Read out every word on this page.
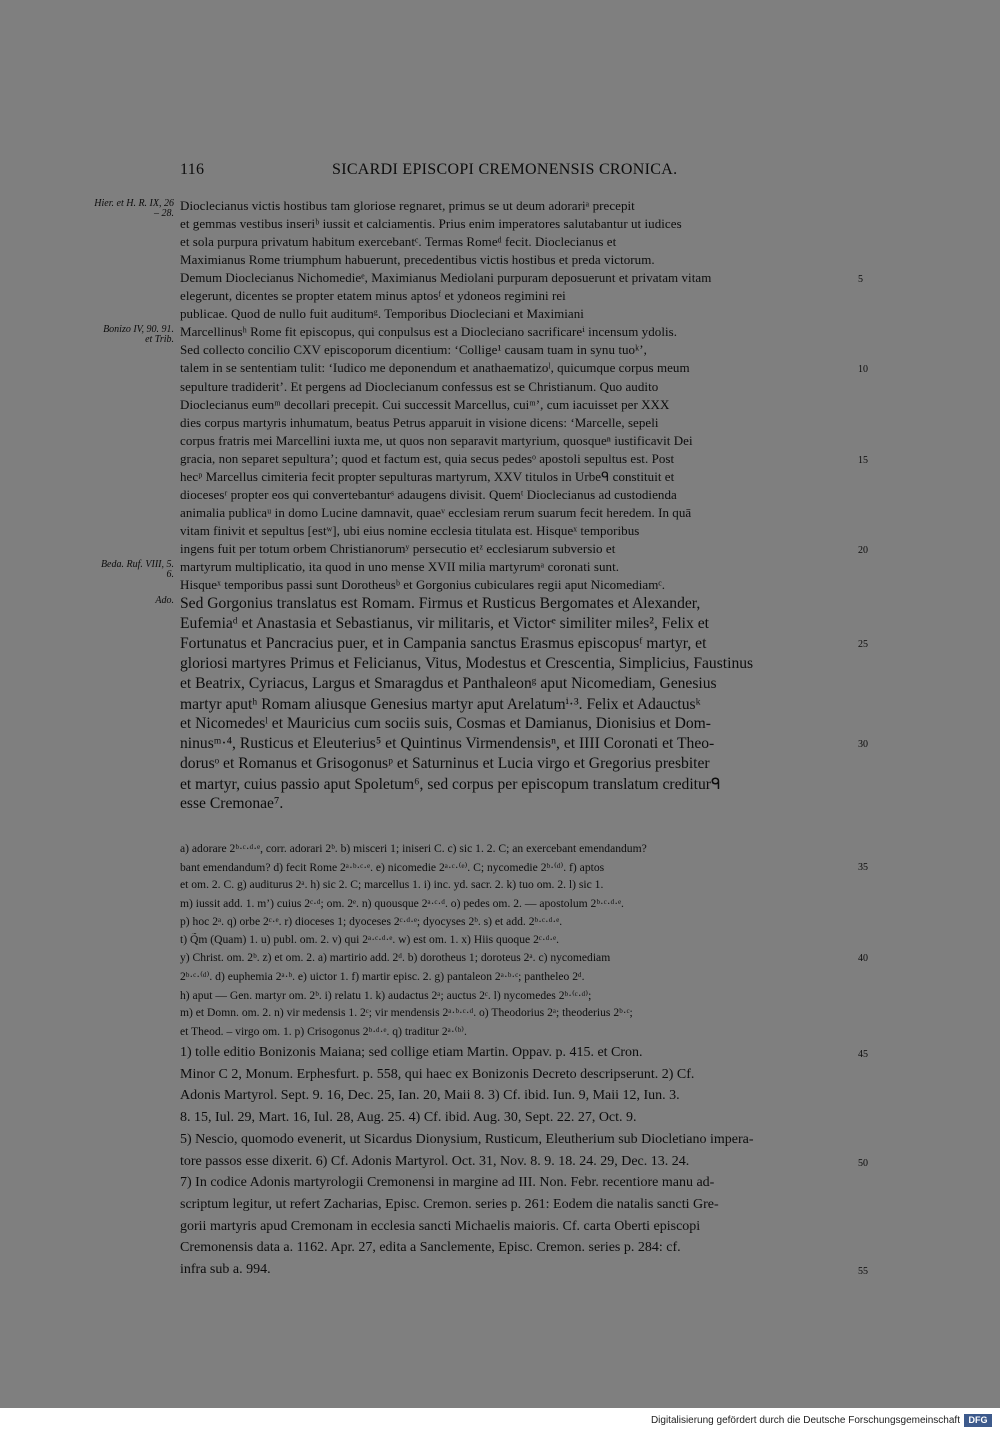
116	SICARDI EPISCOPI CREMONENSIS CRONICA.
Dioclecianus victis hostibus tam gloriose regnaret, primus se ut deum adorariᵃ precepit
et gemmas vestibus inseriᵇ iussit et calciamentis. Prius enim imperatores salutabantur ut iudices
et sola purpura privatum habitum exercebantᶜ. Termas Romeᵈ fecit. Dioclecianus et
Maximianus Rome triumphum habuerunt, precedentibus victis hostibus et preda victorum.
Demum Dioclecianus Nichomedieᵉ, Maximianus Mediolani purpuram deposuerunt et privatam vitam
elegerunt, dicentes se propter etatem minus aptosᶠ et ydoneos regimini rei
publicae. Quod de nullo fuit auditumᵍ. Temporibus Diocleciani et Maximiani
Marcellinusʰ Rome fit episcopus, qui conpulsus est a Diocleciano sacrificareⁱ incensum ydolis.
Sed collecto concilio CXV episcoporum dicentium: ‘Collige¹ causam tuam in synu tuoᵏ’,
talem in se sententiam tulit: ‘Iudico me deponendum et anathaematizoˡ, quicumque corpus meum
sepulture tradiderit’. Et pergens ad Dioclecianum confessus est se Christianum. Quo audito
Dioclecianus eumᵐ decollari precepit. Cui successit Marcellus, cuiᵐ’, cum iacuisset per XXX
dies corpus martyris inhumatum, beatus Petrus apparuit in visione dicens: ‘Marcelle, sepeli
corpus fratris mei Marcellini iuxta me, ut quos non separavit martyrium, quosqueⁿ iustificavit Dei
gracia, non separet sepultura’; quod et factum est, quia secus pedesᵒ apostoli sepultus est. Post
hecᵖ Marcellus cimiteria fecit propter sepulturas martyrum, XXV titulos in Urbeᑫ constituit et
diocesesʳ propter eos qui convertebanturˢ adaugens divisit. Quemᵗ Dioclecianus ad custodienda
animalia publicaᵘ in domo Lucine damnavit, quaeᵛ ecclesiam rerum suarum fecit heredem. In quā
vitam finivit et sepultus [estʷ], ubi eius nomine ecclesia titulata est. Hisqueˣ temporibus
ingens fuit per totum orbem Christianorumʸ persecutio etᶻ ecclesiarum subversio et
martyrum multiplicatio, ita quod in uno mense XVII milia martyrumᵃ coronati sunt.
Hisqueˣ temporibus passi sunt Dorotheusᵇ et Gorgonius cubiculares regii aput Nicomediamᶜ.
Sed Gorgonius translatus est Romam. Firmus et Rusticus Bergomates et Alexander,
Eufemiaᵈ et Anastasia et Sebastianus, vir militaris, et Victorᵉ similiter miles², Felix et
Fortunatus et Pancracius puer, et in Campania sanctus Erasmus episcopusᶠ martyr, et
gloriosi martyres Primus et Felicianus, Vitus, Modestus et Crescentia, Simplicius, Faustinus
et Beatrix, Cyriacus, Largus et Smaragdus et Panthaleonᵍ aput Nicomediam, Genesius
martyr aputʰ Romam aliusque Genesius martyr aput Arelatumⁱ·³. Felix et Adauctusᵏ
et Nicomedesˡ et Mauricius cum sociis suis, Cosmas et Damianus, Dionisius et Dom-
ninusᵐ·⁴, Rusticus et Eleuterius⁵ et Quintinus Virmendensisⁿ, et IIII Coronati et Theo-
dorusᵒ et Romanus et Grisogonusᵖ et Saturninus et Lucia virgo et Gregorius presbiter
et martyr, cuius passio aput Spoletum⁶, sed corpus per episcopum translatum crediturᑫ
esse Cremonae⁷.
a) adorare 2ᵇ·ᶜ·ᵈ·ᵉ, corr. adorari 2ᵇ. b) misceri 1; iniseri C. c) sic 1. 2. C; an exercebant emendandum?
bant emendandum? d) fecit Rome 2ᵃ·ᵇ·ᶜ·ᵉ. e) nicomedie 2ᵃ·ᶜ·⁽ᵉ⁾. C; nycomedie 2ᵇ·⁽ᵈ⁾. f) aptos
et om. 2. C. g) auditurus 2ᵃ. h) sic 2. C; marcellus 1. i) inc. yd. sacr. 2. k) tuo om. 2. l) sic 1.
m) iussit add. 1. m’) cuius 2ᶜ·ᵈ; om. 2ᵉ. n) quousque 2ᵃ·ᶜ·ᵈ. o) pedes om. 2. — apostolum 2ᵇ·ᶜ·ᵈ·ᵉ.
p) hoc 2ᵃ. q) orbe 2ᶜ·ᵉ. r) dioceses 1; dyoceses 2ᶜ·ᵈ·ᵉ; dyocyses 2ᵇ. s) et add. 2ᵇ·ᶜ·ᵈ·ᵉ.
t) Q̃m (Quam) 1. u) publ. om. 2. v) qui 2ᵃ·ᶜ·ᵈ·ᵉ. w) est om. 1. x) Hiis quoque 2ᶜ·ᵈ·ᵉ.
y) Christ. om. 2ᵇ. z) et om. 2. a) martirio add. 2ᵈ. b) dorotheus 1; doroteus 2ᵃ. c) nycomediam
2ᵇ·ᶜ·⁽ᵈ⁾. d) euphemia 2ᵃ·ᵇ. e) uictor 1. f) martir episc. 2. g) pantaleon 2ᵃ·ᵇ·ᶜ; pantheleo 2ᵈ.
h) aput — Gen. martyr om. 2ᵇ. i) relatu 1. k) audactus 2ᵃ; auctus 2ᶜ. l) nycomedes 2ᵇ·⁽ᶜ·ᵈ⁾;
m) et Domn. om. 2. n) vir medensis 1. 2ᶜ; vir mendensis 2ᵃ·ᵇ·ᶜ·ᵈ. o) Theodorius 2ᵃ; theoderius 2ᵇ·ᶜ;
et Theod. – virgo om. 1. p) Crisogonus 2ᵇ·ᵈ·ᵉ. q) traditur 2ᵃ·⁽ᵇ⁾.
1) tolle editio Bonizonis Maiana; sed collige etiam Martin. Oppav. p. 415. et Cron.
Minor C 2, Monum. Erphesfurt. p. 558, qui haec ex Bonizonis Decreto descripserunt. 2) Cf.
Adonis Martyrol. Sept. 9. 16, Dec. 25, Ian. 20, Maii 8. 3) Cf. ibid. Iun. 9, Maii 12, Iun. 3.
8. 15, Iul. 29, Mart. 16, Iul. 28, Aug. 25. 4) Cf. ibid. Aug. 30, Sept. 22. 27, Oct. 9.
5) Nescio, quomodo evenerit, ut Sicardus Dionysium, Rusticum, Eleutherium sub Diocletiano impera-
tore passos esse dixerit. 6) Cf. Adonis Martyrol. Oct. 31, Nov. 8. 9. 18. 24. 29, Dec. 13. 24.
7) In codice Adonis martyrologii Cremonensi in margine ad III. Non. Febr. recentiore manu ad-
scriptum legitur, ut refert Zacharias, Episc. Cremon. series p. 261: Eodem die natalis sancti Gre-
gorii martyris apud Cremonam in ecclesia sancti Michaelis maioris. Cf. carta Oberti episcopi
Cremonensis data a. 1162. Apr. 27, edita a Sanclemente, Episc. Cremon. series p. 284: cf.
infra sub a. 994.
Hier. et H. R. IX, 26 – 28.
Bonizo IV, 90. 91. et Trib.
Beda. Ruf. VIII, 5. 6.
Ado.
5
10
15
20
25
30
35
40
45
50
55
Digitalisierung gefördert durch die Deutsche Forschungsgemeinschaft DFG
